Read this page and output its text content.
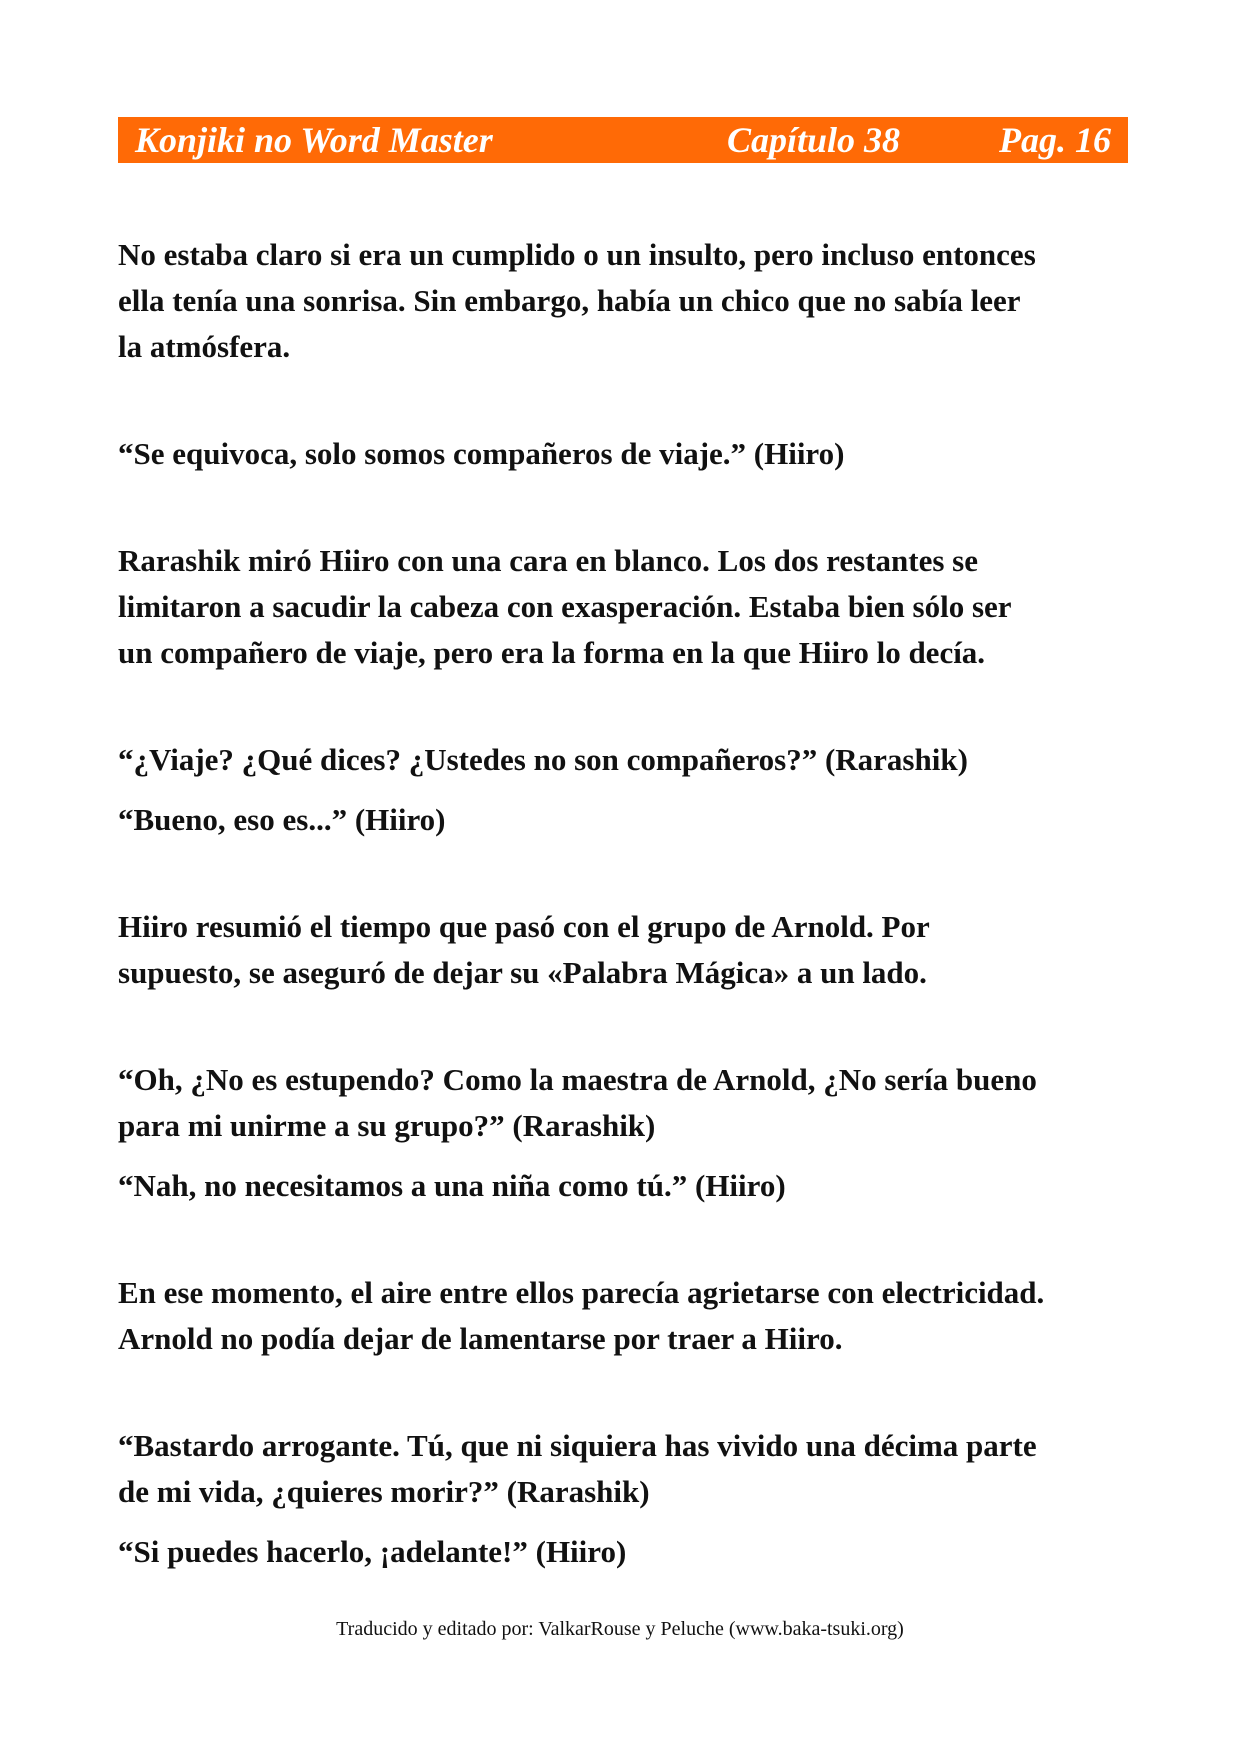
Konjiki no Word Master	Capítulo 38	Pag. 16

No estaba claro si era un cumplido o un insulto, pero incluso entonces
ella tenía una sonrisa. Sin embargo, había un chico que no sabía leer
la atmósfera.

“Se equivoca, solo somos compañeros de viaje.” (Hiiro)

Rarashik miró Hiiro con una cara en blanco. Los dos restantes se
limitaron a sacudir la cabeza con exasperación. Estaba bien sólo ser
un compañero de viaje, pero era la forma en la que Hiiro lo decía.

“¿Viaje? ¿Qué dices? ¿Ustedes no son compañeros?” (Rarashik)

“Bueno, eso es...” (Hiiro)

Hiiro resumió el tiempo que pasó con el grupo de Arnold. Por
supuesto, se aseguró de dejar su «Palabra Mágica» a un lado.

“Oh, ¿No es estupendo? Como la maestra de Arnold, ¿No sería bueno
para mi unirme a su grupo?” (Rarashik)

“Nah, no necesitamos a una niña como tú.” (Hiiro)

En ese momento, el aire entre ellos parecía agrietarse con electricidad.
Arnold no podía dejar de lamentarse por traer a Hiiro.

“Bastardo arrogante. Tú, que ni siquiera has vivido una décima parte
de mi vida, ¿quieres morir?” (Rarashik)

“Si puedes hacerlo, ¡adelante!” (Hiiro)

Traducido y editado por: ValkarRouse y Peluche (www.baka-tsuki.org)
